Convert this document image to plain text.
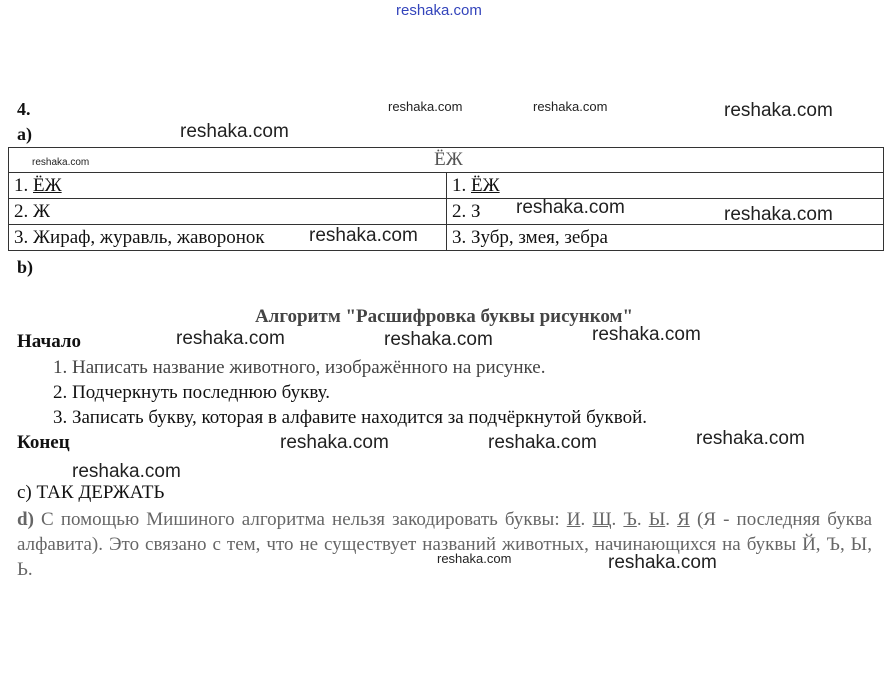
reshaka.com
reshaka.com	reshaka.com	reshaka.com
reshaka.com
reshaka.com
reshaka.com	reshaka.com
reshaka.com
reshaka.com	reshaka.com	reshaka.com
reshaka.com
reshaka.com	reshaka.com
reshaka.com
reshaka.com
reshaka.com
4.
а)
ЁЖ	
1. ЁЖ	1. ЁЖ
2. Ж	2. З
3. Жираф, журавль, жаворонок	3. Зубр, змея, зебра
b)
Алгоритм "Расшифровка буквы рисунком"
Начало
1. Написать название животного, изображённого на рисунке.
2. Подчеркнуть последнюю букву.
3. Записать букву, которая в алфавите находится за подчёркнутой буквой.
Конец
c) ТАК ДЕРЖАТЬ
d) С помощью Мишиного алгоритма нельзя закодировать буквы: И. Щ. Ъ. Ы. Я (Я - последняя буква алфавита). Это связано с тем, что не существует названий животных, начинающихся на буквы Й, Ъ, Ы, Ь.
